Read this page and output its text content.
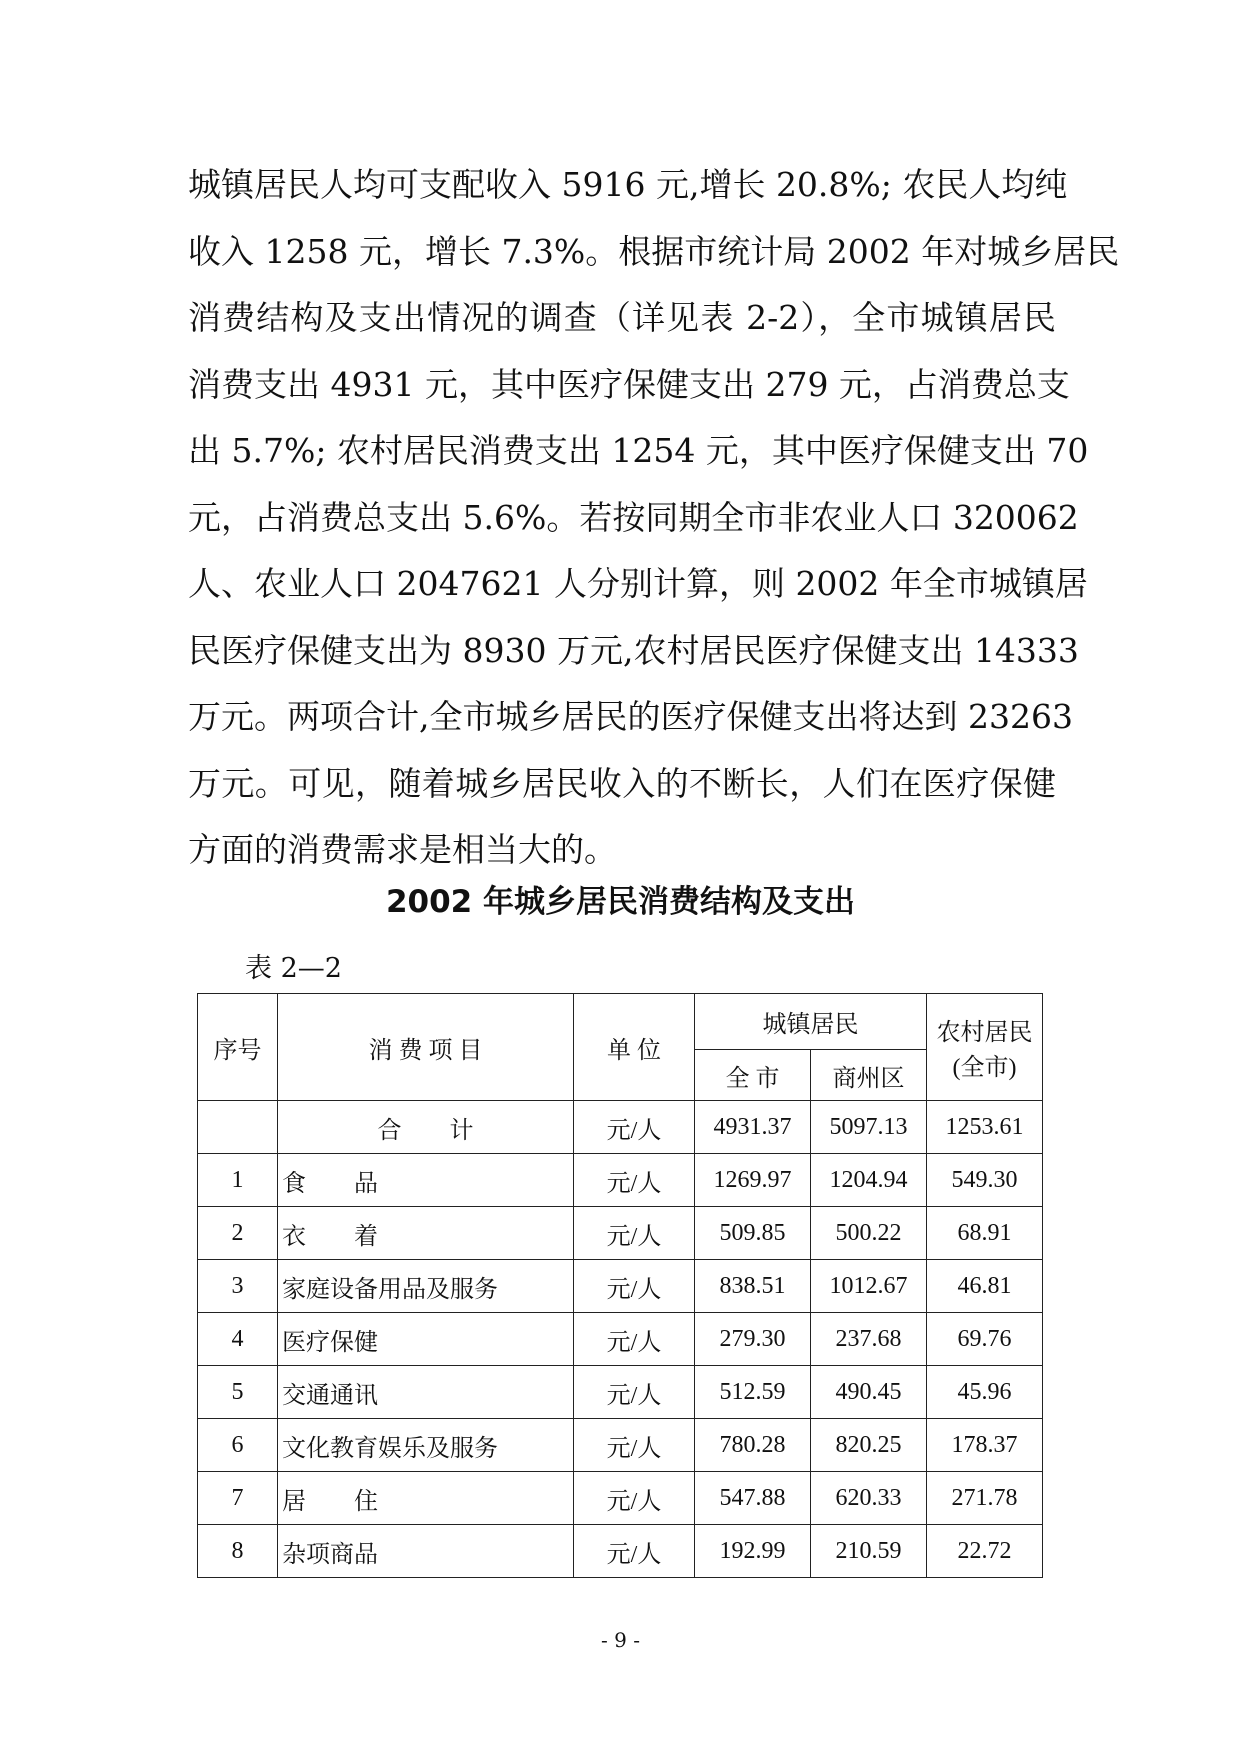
城镇居民人均可支配收入 5916 元,增长 20.8%; 农民人均纯
收入 1258 元，增长 7.3%。根据市统计局 2002 年对城乡居民
消费结构及支出情况的调查（详见表 2-2），全市城镇居民
消费支出 4931 元，其中医疗保健支出 279 元，占消费总支
出 5.7%; 农村居民消费支出 1254 元，其中医疗保健支出 70
元，占消费总支出 5.6%。若按同期全市非农业人口 320062
人、农业人口 2047621 人分别计算，则 2002 年全市城镇居
民医疗保健支出为 8930 万元,农村居民医疗保健支出 14333
万元。两项合计,全市城乡居民的医疗保健支出将达到 23263
万元。可见，随着城乡居民收入的不断长，人们在医疗保健
方面的消费需求是相当大的。
2002 年城乡居民消费结构及支出
表 2—2
序号	消 费 项 目	单 位	城镇居民		农村居民(全市)
			全 市	商州区	
	合　　计	元/人	4931.37	5097.13	1253.61
1	食　　品	元/人	1269.97	1204.94	549.30
2	衣　　着	元/人	509.85	500.22	68.91
3	家庭设备用品及服务	元/人	838.51	1012.67	46.81
4	医疗保健	元/人	279.30	237.68	69.76
5	交通通讯	元/人	512.59	490.45	45.96
6	文化教育娱乐及服务	元/人	780.28	820.25	178.37
7	居　　住	元/人	547.88	620.33	271.78
8	杂项商品	元/人	192.99	210.59	22.72
- 9 -
